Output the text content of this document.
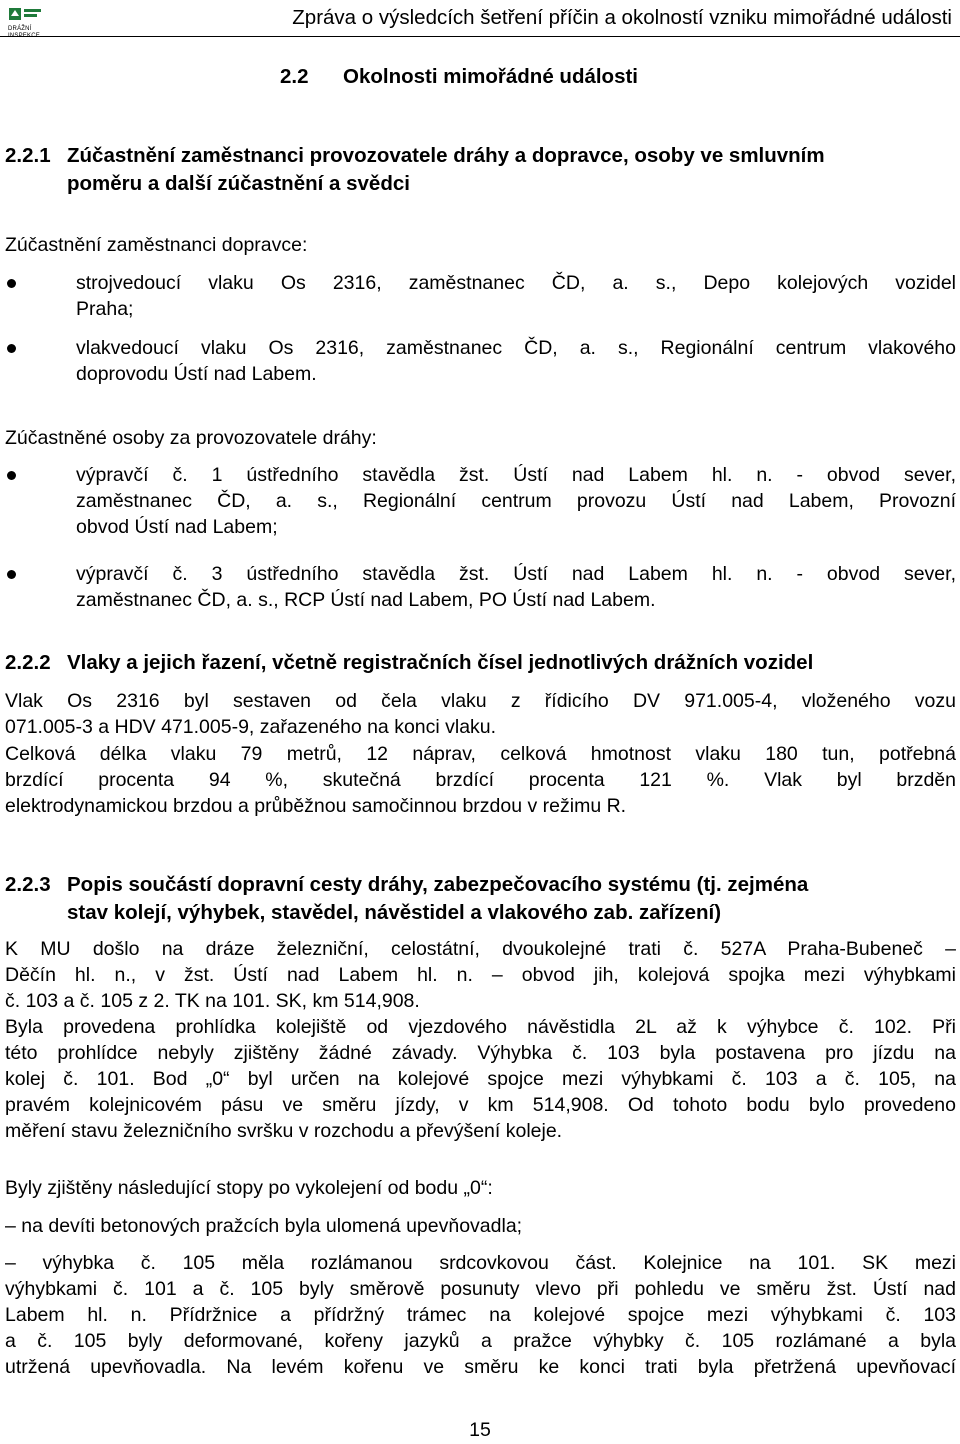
DRÁŽNÍ INSPEKCE
Zpráva o výsledcích šetření příčin a okolností vzniku mimořádné události
2.2 Okolnosti mimořádné události
2.2.1 Zúčastnění zaměstnanci provozovatele dráhy a dopravce, osoby ve smluvním
poměru a další zúčastnění a svědci
Zúčastnění zaměstnanci dopravce:
strojvedoucí vlaku Os 2316, zaměstnanec ČD, a. s., Depo kolejových vozidel
Praha;
vlakvedoucí vlaku Os 2316, zaměstnanec ČD, a. s., Regionální centrum vlakového
doprovodu Ústí nad Labem.
Zúčastněné osoby za provozovatele dráhy:
výpravčí č. 1 ústředního stavědla žst. Ústí nad Labem hl. n. - obvod sever,
zaměstnanec ČD, a. s., Regionální centrum provozu Ústí nad Labem, Provozní
obvod Ústí nad Labem;
výpravčí č. 3 ústředního stavědla žst. Ústí nad Labem hl. n. - obvod sever,
zaměstnanec ČD, a. s., RCP Ústí nad Labem, PO Ústí nad Labem.
2.2.2 Vlaky a jejich řazení, včetně registračních čísel jednotlivých drážních vozidel
Vlak Os 2316 byl sestaven od čela vlaku z řídicího DV 971.005-4, vloženého vozu
071.005-3 a HDV 471.005-9, zařazeného na konci vlaku.
Celková délka vlaku 79 metrů, 12 náprav, celková hmotnost vlaku 180 tun, potřebná
brzdící procenta 94 %, skutečná brzdící procenta 121 %. Vlak byl brzděn
elektrodynamickou brzdou a průběžnou samočinnou brzdou v režimu R.
2.2.3 Popis součástí dopravní cesty dráhy, zabezpečovacího systému (tj. zejména
stav kolejí, výhybek, stavědel, návěstidel a vlakového zab. zařízení)
K MU došlo na dráze železniční, celostátní, dvoukolejné trati č. 527A Praha-Bubeneč –
Děčín hl. n., v žst. Ústí nad Labem hl. n. – obvod jih, kolejová spojka mezi výhybkami
č. 103 a č. 105 z 2. TK na 101. SK, km 514,908.
Byla provedena prohlídka kolejiště od vjezdového návěstidla 2L až k výhybce č. 102. Při
této prohlídce nebyly zjištěny žádné závady. Výhybka č. 103 byla postavena pro jízdu na
kolej č. 101. Bod „0“ byl určen na kolejové spojce mezi výhybkami č. 103 a č. 105, na
pravém kolejnicovém pásu ve směru jízdy, v km 514,908. Od tohoto bodu bylo provedeno
měření stavu železničního svršku v rozchodu a převýšení koleje.
Byly zjištěny následující stopy po vykolejení od bodu „0“:
– na devíti betonových pražcích byla ulomená upevňovadla;
– výhybka č. 105 měla rozlámanou srdcovkovou část. Kolejnice na 101. SK mezi
výhybkami č. 101 a č. 105 byly směrově posunuty vlevo při pohledu ve směru žst. Ústí nad
Labem hl. n. Přídržnice a přídržný trámec na kolejové spojce mezi výhybkami č. 103
a č. 105 byly deformované, kořeny jazyků a pražce výhybky č. 105 rozlámané a byla
utržená upevňovadla. Na levém kořenu ve směru ke konci trati byla přetržená upevňovací
15
